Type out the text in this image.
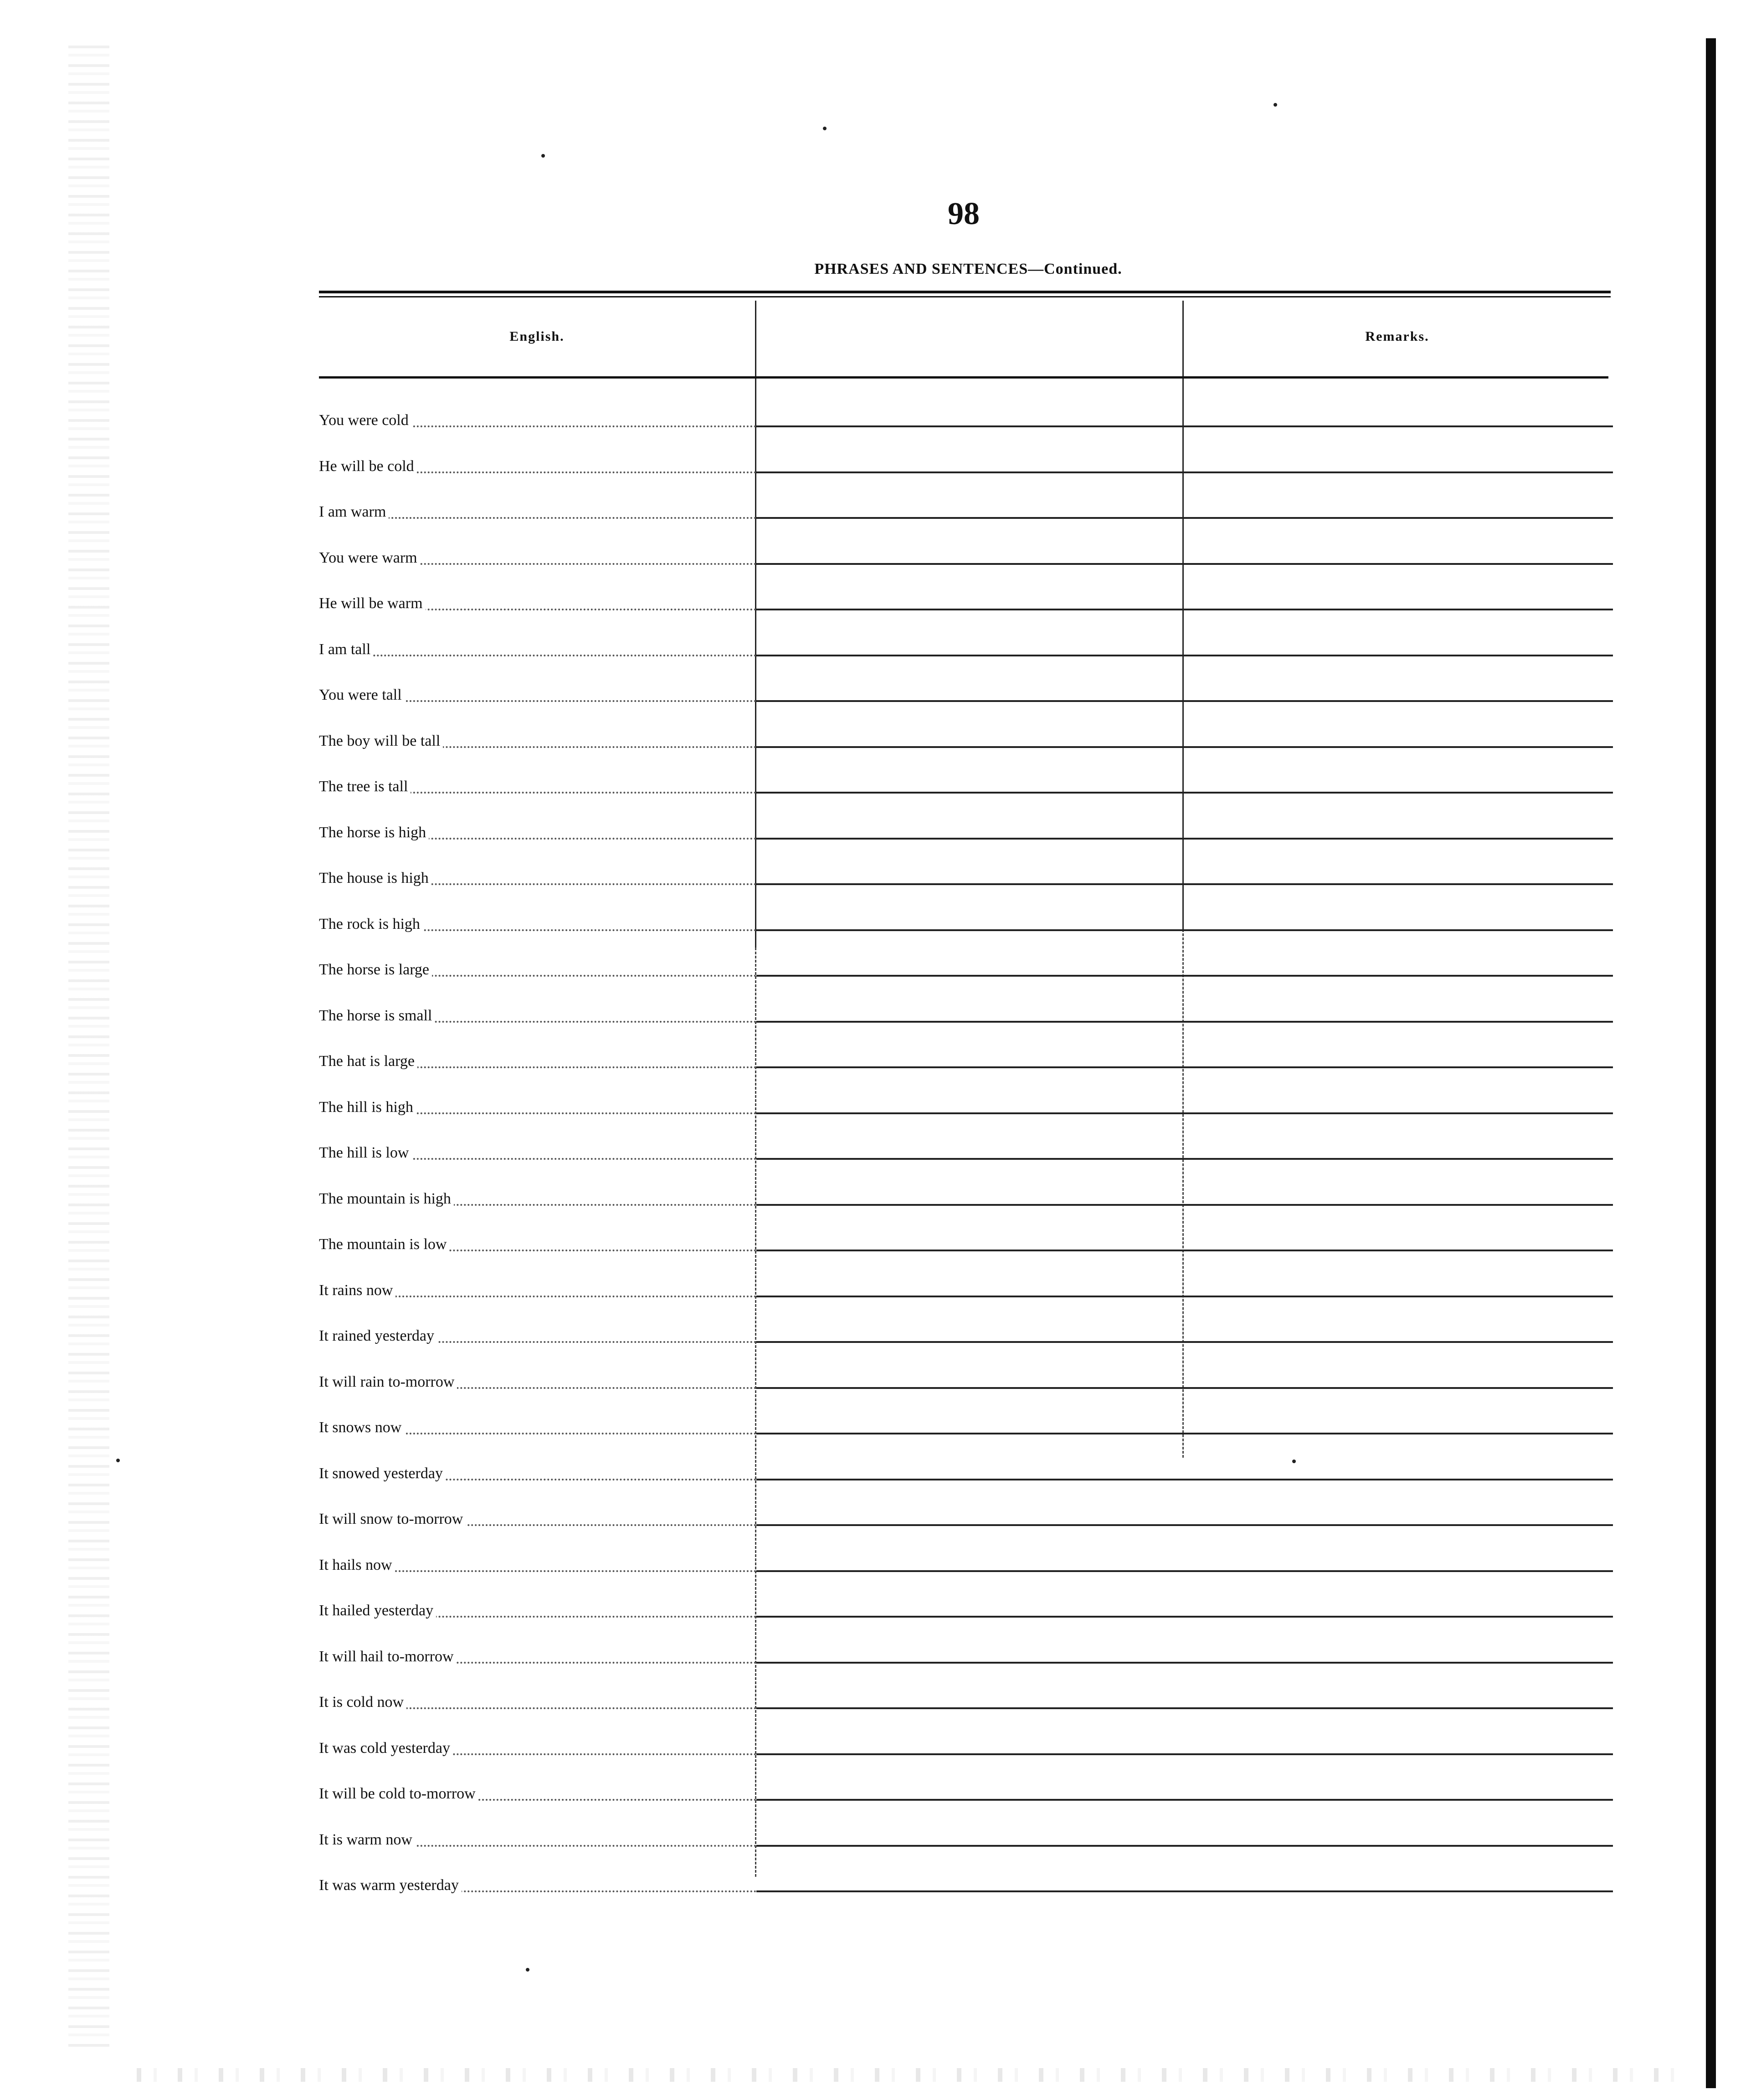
98
PHRASES AND SENTENCES—Continued.
English.	Remarks.
You were cold
He will be cold
I am warm
You were warm
He will be warm
I am tall
You were tall
The boy will be tall
The tree is tall
The horse is high
The house is high
The rock is high
The horse is large
The horse is small
The hat is large
The hill is high
The hill is low
The mountain is high
The mountain is low
It rains now
It rained yesterday
It will rain to-morrow
It snows now
It snowed yesterday
It will snow to-morrow
It hails now
It hailed yesterday
It will hail to-morrow
It is cold now
It was cold yesterday
It will be cold to-morrow
It is warm now
It was warm yesterday
